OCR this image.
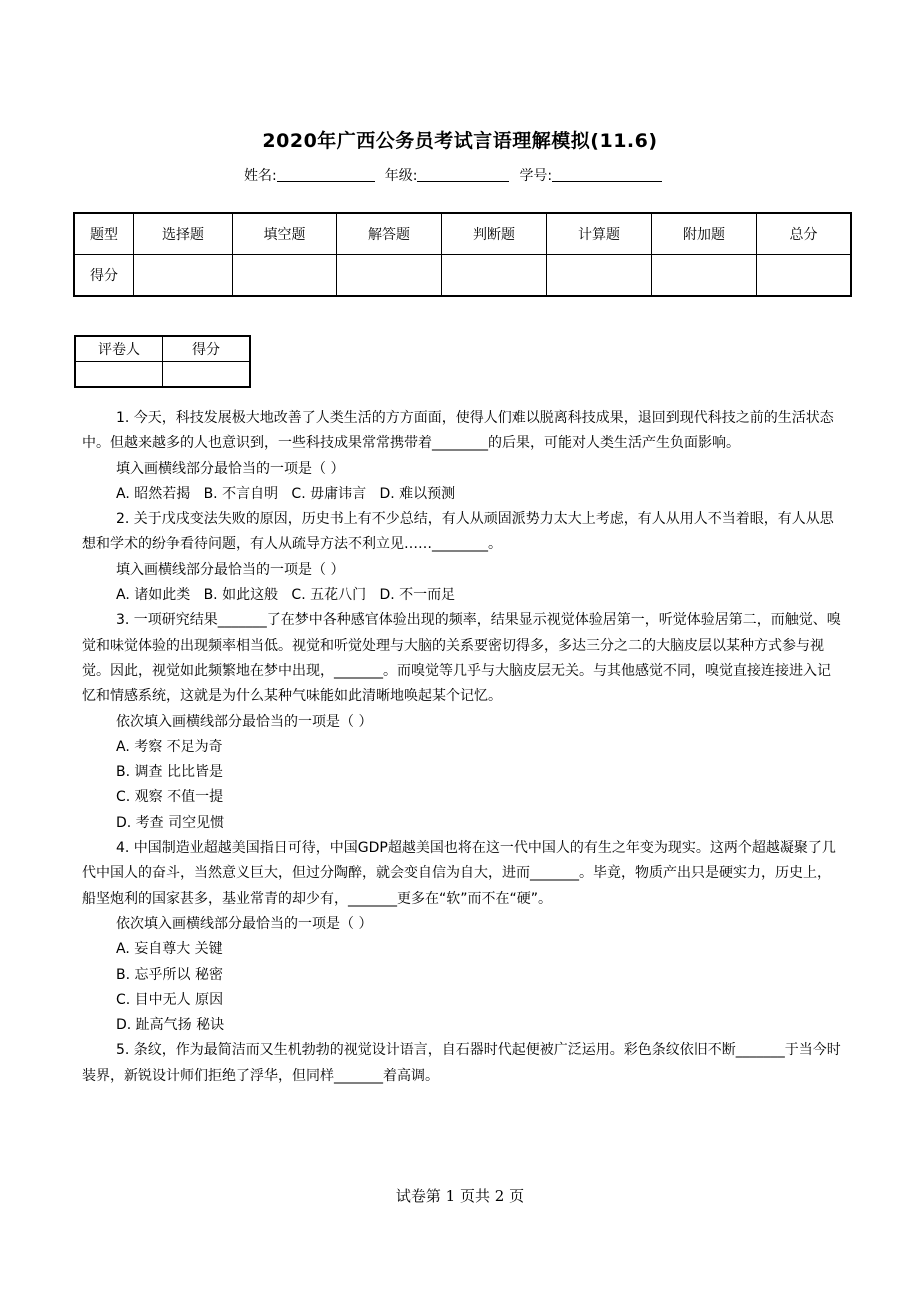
2020年广西公务员考试言语理解模拟(11.6)
姓名:	年级:	学号:
题型	选择题	填空题	解答题	判断题	计算题	附加题	总分
得分							
评卷人	得分

1. 今天，科技发展极大地改善了人类生活的方方面面，使得人们难以脱离科技成果，退回到现代科技之前的生活状态中。但越来越多的人也意识到，一些科技成果常常携带着________的后果，可能对人类生活产生负面影响。

填入画横线部分最恰当的一项是（ ）

A. 昭然若揭   B. 不言自明   C. 毋庸讳言   D. 难以预测

2. 关于戊戌变法失败的原因，历史书上有不少总结，有人从顽固派势力太大上考虑，有人从用人不当着眼，有人从思想和学术的纷争看待问题，有人从疏导方法不利立见……________。

填入画横线部分最恰当的一项是（ ）

A. 诸如此类   B. 如此这般   C. 五花八门   D. 不一而足

3. 一项研究结果_______了在梦中各种感官体验出现的频率，结果显示视觉体验居第一，听觉体验居第二，而触觉、嗅觉和味觉体验的出现频率相当低。视觉和听觉处理与大脑的关系要密切得多，多达三分之二的大脑皮层以某种方式参与视觉。因此，视觉如此频繁地在梦中出现，_______。而嗅觉等几乎与大脑皮层无关。与其他感觉不同，嗅觉直接连接进入记忆和情感系统，这就是为什么某种气味能如此清晰地唤起某个记忆。

依次填入画横线部分最恰当的一项是（ ）

A. 考察 不足为奇

B. 调查 比比皆是

C. 观察 不值一提

D. 考查 司空见惯

4. 中国制造业超越美国指日可待，中国GDP超越美国也将在这一代中国人的有生之年变为现实。这两个超越凝聚了几代中国人的奋斗，当然意义巨大，但过分陶醉，就会变自信为自大，进而_______。毕竟，物质产出只是硬实力，历史上，船坚炮利的国家甚多，基业常青的却少有，_______更多在“软”而不在“硬”。

依次填入画横线部分最恰当的一项是（ ）

A. 妄自尊大 关键

B. 忘乎所以 秘密

C. 目中无人 原因

D. 趾高气扬 秘诀

5. 条纹，作为最简洁而又生机勃勃的视觉设计语言，自石器时代起便被广泛运用。彩色条纹依旧不断_______于当今时装界，新锐设计师们拒绝了浮华，但同样_______着高调。

试卷第 1 页共 2 页
